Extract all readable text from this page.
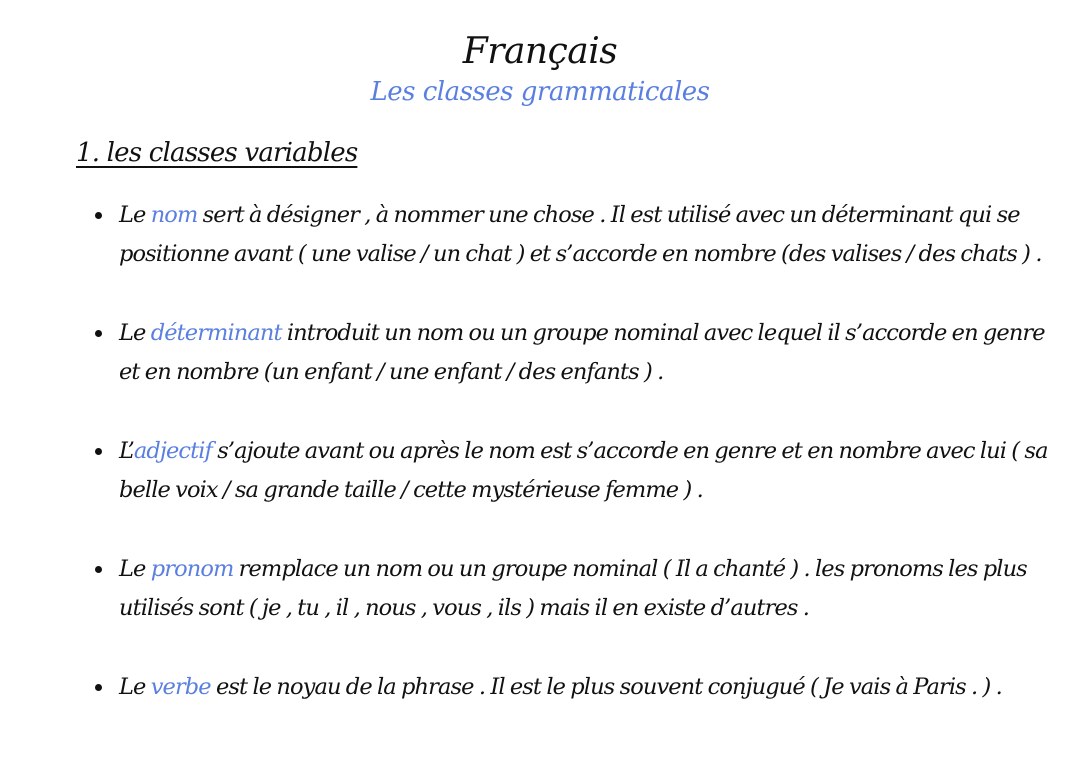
Français
Les classes grammaticales
1. les classes variables
Le nom sert à désigner , à nommer une chose . Il est utilisé avec un déterminant qui se positionne avant ( une valise / un chat ) et s’accorde en nombre (des valises / des chats ) .
Le déterminant introduit un nom ou un groupe nominal avec lequel il s’accorde en genre et en nombre (un enfant / une enfant / des enfants ) .
L’adjectif s’ajoute avant ou après le nom est s’accorde en genre et en nombre avec lui ( sa belle voix / sa grande taille / cette mystérieuse femme ) .
Le pronom remplace un nom ou un groupe nominal ( Il a chanté ) . les pronoms les plus utilisés sont ( je , tu , il , nous , vous , ils ) mais il en existe d’autres .
Le verbe est le noyau de la phrase . Il est le plus souvent conjugué ( Je vais à Paris . ) .
